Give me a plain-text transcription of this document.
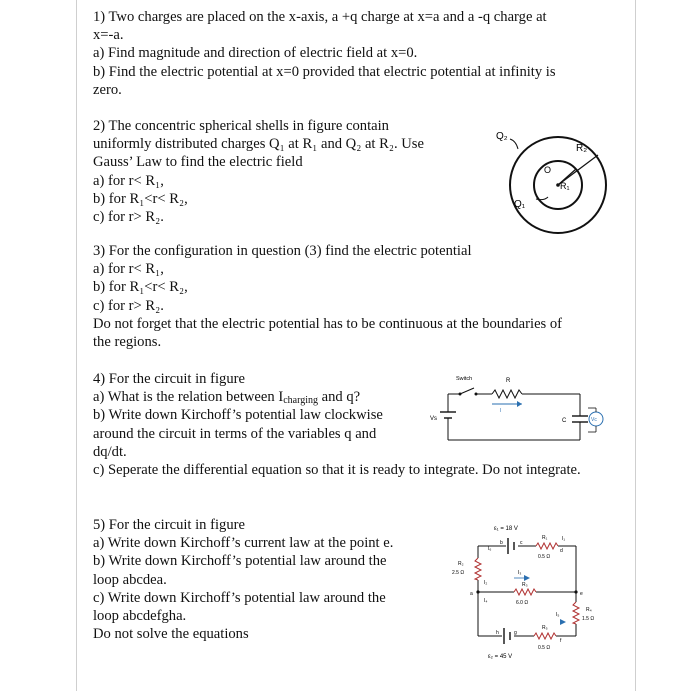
1) Two charges are placed on the x-axis, a +q charge at x=a and a -q charge at

x=-a.

a) Find magnitude and direction of electric field at x=0.

b) Find the electric potential at x=0 provided that electric potential at infinity is

zero.

2) The concentric spherical shells in figure contain

uniformly distributed charges Q₁ at R₁ and Q₂ at R₂. Use

Gauss’ Law to find the electric field

a) for r< R₁,

b) for R₁<r< R₂,

c) for r> R₂.

Q₂
R₂
O
R₁
Q₁

3) For the configuration in question (3) find the electric potential

a) for r< R₁,

b) for R₁<r< R₂,

c) for r> R₂.

Do not forget that the electric potential has to be continuous at the boundaries of

the regions.

4) For the circuit in figure

a) What is the relation between $I_{charging}$ and q?

b) Write down Kirchoff’s potential law clockwise

around the circuit in terms of the variables q and

dq/dt.

c) Seperate the differential equation so that it is ready to integrate. Do not integrate.

Switch	R
I
Vs	C	Vc

5) For the circuit in figure

a) Write down Kirchoff’s current law at the point e.

b) Write down Kirchoff’s potential law around the

loop abcdea.

c) Write down Kirchoff’s potential law around the

loop abcdefgha.

Do not solve the equations

ε₁ = 18 V
ε₂ = 45 V
R₁
0.5 Ω
R₂
2.5 Ω
R₃
6.0 Ω
R₄
1.5 Ω
0.5 Ω
R₅
I₁
I₂
I₃
I₄
I₅
I₆
a
b	c
d
e
h	g
f
